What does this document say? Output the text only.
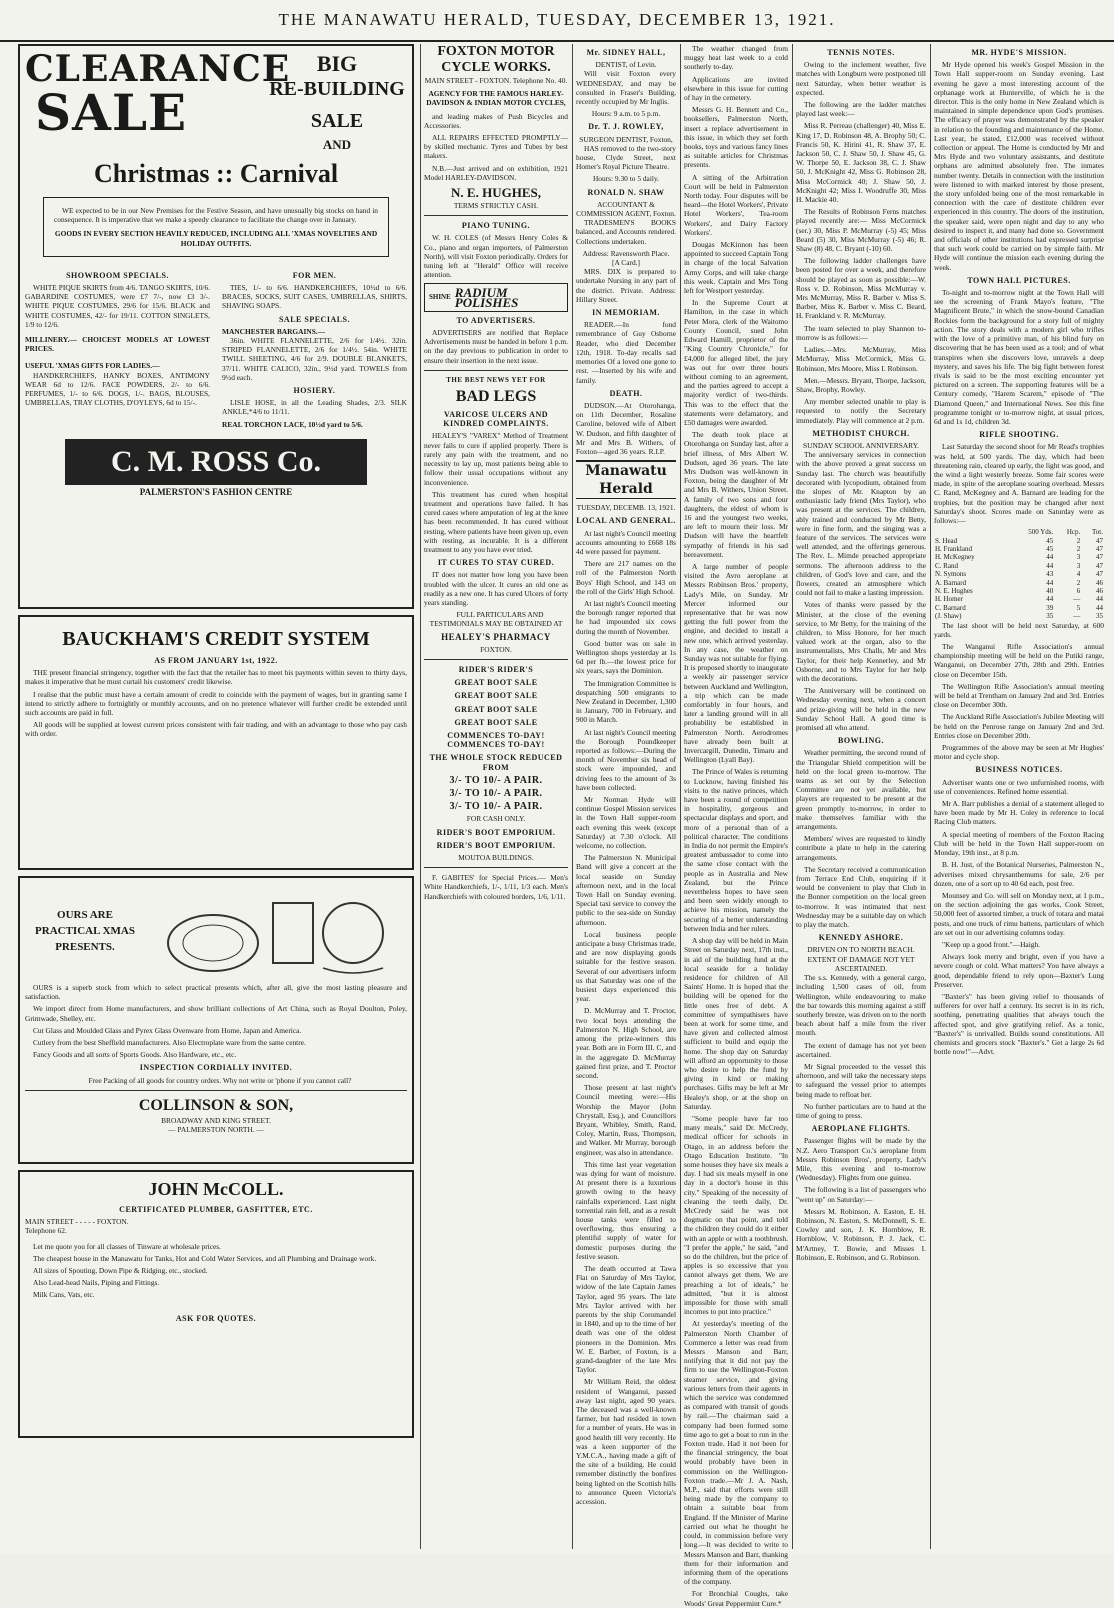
THE MANAWATU HERALD, TUESDAY, DECEMBER 13, 1921.
CLEARANCE
SALE
BIG
RE-BUILDING
SALE
AND
Christmas :: Carnival

WE expected to be in our New Premises for the Festive Season, and have unusually big stocks on hand in consequence. It is imperative that we make a speedy clearance to facilitate the change over in January.

GOODS IN EVERY SECTION HEAVILY REDUCED, INCLUDING ALL 'XMAS NOVELTIES AND HOLIDAY OUTFITS.
SHOWROOM SPECIALS.

WHITE PIQUE SKIRTS from 4/6. TANGO SKIRTS, 10/6. GABARDINE COSTUMES, were £7 7/-, now £3 3/-. WHITE PIQUE COSTUMES, 29/6 for 15/6. BLACK and WHITE COSTUMES, 42/- for 19/11. COTTON SINGLETS, 1/9 to 12/6.

MILLINERY.— CHOICEST MODELS AT LOWEST PRICES.
USEFUL 'XMAS GIFTS FOR LADIES.—

HANDKERCHIEFS, HANKY BOXES, ANTIMONY WEAR 6d to 12/6. FACE POWDERS, 2/- to 6/6. PERFUMES, 1/- to 6/6. DOGS, 1/-. BAGS, BLOUSES, UMBRELLAS, TRAY CLOTHS, D'OYLEYS, 6d to 15/-.

FOR MEN.

TIES, 1/- to 6/6. HANDKERCHIEFS, 10½d to 6/6. BRACES, SOCKS, SUIT CASES, UMBRELLAS, SHIRTS, SHAVING SOAPS.

SALE SPECIALS.
MANCHESTER BARGAINS.—

36in. WHITE FLANNELETTE, 2/6 for 1/4½. 32in. STRIPED FLANNELETTE, 2/6 for 1/4½. 54in. WHITE TWILL SHEETING, 4/6 for 2/9. DOUBLE BLANKETS, 37/11. WHITE CALICO, 32in., 9½d yard. TOWELS from 9½d each.

HOSIERY.

LISLE HOSE, in all the Leading Shades, 2/3. SILK ANKLE,*4/6 to 11/11.

REAL TORCHON LACE, 10½d yard to 5/6.
C. M. ROSS Co.
PALMERSTON'S FASHION CENTRE
BAUCKHAM'S CREDIT SYSTEM
AS FROM JANUARY 1st, 1922.

THE present financial stringency, together with the fact that the retailer has to meet his payments within seven to thirty days, makes it imperative that he must curtail his customers' credit likewise.

I realise that the public must have a certain amount of credit to coincide with the payment of wages, but in granting same I intend to strictly adhere to fortnightly or monthly accounts, and on no pretence whatever will further credit be extended until such accounts are paid in full.

All goods will be supplied at lowest current prices consistent with fair trading, and with an advantage to those who pay cash with order.

OURS ARE PRACTICAL XMAS PRESENTS.

OURS is a superb stock from which to select practical presents which, after all, give the most lasting pleasure and satisfaction.

We import direct from Home manufacturers, and show brilliant collections of Art China, such as Royal Doulton, Poley, Grimwade, Shelley, etc.

Cut Glass and Moulded Glass and Pyrex Glass Ovenware from Home, Japan and America.

Cutlery from the best Sheffield manufacturers. Also Electroplate ware from the same centre.

Fancy Goods and all sorts of Sports Goods. Also Hardware, etc., etc.

INSPECTION CORDIALLY INVITED.

Free Packing of all goods for country orders. Why not write or 'phone if you cannot call?

COLLINSON & SON,
BROADWAY AND KING STREET.
— PALMERSTON NORTH. —
JOHN McCOLL.
CERTIFICATED PLUMBER, GASFITTER, ETC.
MAIN STREET - - - - - FOXTON.
Telephone 62.

Let me quote you for all classes of Tinware at wholesale prices.

The cheapest house in the Manawatu for Tanks, Hot and Cold Water Services, and all Plumbing and Drainage work.

All sizes of Spouting, Down Pipe & Ridging, etc., stocked.

Also Lead-head Nails, Piping and Fittings.

Milk Cans, Vats, etc.

ASK FOR QUOTES.
FOXTON MOTOR CYCLE WORKS.
MAIN STREET - FOXTON. Telephone No. 40.
AGENCY FOR THE FAMOUS HARLEY-DAVIDSON & INDIAN MOTOR CYCLES,

and leading makes of Push Bicycles and Accessories.

ALL REPAIRS EFFECTED PROMPTLY— by skilled mechanic. Tyres and Tubes by best makers.

N.B.—Just arrived and on exhibition, 1921 Model HARLEY-DAVIDSON.

N. E. HUGHES,
TERMS STRICTLY CASH.
PIANO TUNING.

W. H. COLES (of Messrs Henry Coles & Co., piano and organ importers, of Palmerston North), will visit Foxton periodically. Orders for tuning left at "Herald" Office will receive attention.

SHINE RADIUM POLISHES
TO ADVERTISERS.

ADVERTISERS are notified that Replace Advertisements must be handed in before 1 p.m. on the day previous to publication in order to ensure their insertion in the next issue.

THE BEST NEWS YET FOR
BAD LEGS
VARICOSE ULCERS AND KINDRED COMPLAINTS.

HEALEY'S "VAREX" Method of Treatment never fails to cure if applied properly. There is rarely any pain with the treatment, and no necessity to lay up, most patients being able to follow their usual occupations without any inconvenience.

This treatment has cured when hospital treatment and operations have failed. It has cured cases where amputation of leg at the knee has been recommended. It has cured without resting, where patients have been given up, even with resting, as incurable. It is a different treatment to any you have ever tried.

IT CURES TO STAY CURED.

IT does not matter how long you have been troubled with the ulcer. It cures an old one as readily as a new one. It has cured Ulcers of forty years standing.

FULL PARTICULARS AND TESTIMONIALS MAY BE OBTAINED AT

HEALEY'S PHARMACY
FOXTON.
RIDER'S RIDER'S
GREAT BOOT SALE
GREAT BOOT SALE
GREAT BOOT SALE
GREAT BOOT SALE
COMMENCES TO-DAY! COMMENCES TO-DAY!
THE WHOLE STOCK REDUCED FROM
3/- TO 10/- A PAIR.
3/- TO 10/- A PAIR.
3/- TO 10/- A PAIR.
FOR CASH ONLY.
RIDER'S BOOT EMPORIUM.
RIDER'S BOOT EMPORIUM.
MOUTOA BUILDINGS.

F. GABITES' for Special Prices.— Men's White Handkerchiefs, 1/-, 1/11, 1/3 each. Men's Handkerchiefs with coloured borders, 1/6, 1/11.

Mr. SIDNEY HALL,
DENTIST, of Levin.

Will visit Foxton every WEDNESDAY, and may be consulted in Fraser's Building, recently occupied by Mr Inglis.

Hours: 9 a.m. to 5 p.m.
Dr. T. J. ROWLEY,
SURGEON DENTIST, Foxton,

HAS removed to the two-story house, Clyde Street, next Homer's Royal Picture Theatre.

Hours: 9.30 to 5 daily.
RONALD N. SHAW
ACCOUNTANT & COMMISSION AGENT, Foxton.

TRADESMEN'S BOOKS balanced, and Accounts rendered. Collections undertaken.

Address: Ravensworth Place.
[A Card.]

MRS. DIX is prepared to undertake Nursing in any part of the district. Private. Address: Hillary Street.

IN MEMORIAM.

READER.—In fond remembrance of Guy Osborne Reader, who died December 12th, 1918. To-day recalls sad memories Of a loved one gone to rest. —Inserted by his wife and family.

DEATH.

DUDSON.—At Otorohanga, on 11th December, Rosaline Caroline, beloved wife of Albert W. Dudson, and fifth daughter of Mr and Mrs B. Withers, of Foxton—aged 36 years. R.I.P.

Manawatu Herald
TUESDAY, DECEMB. 13, 1921.
LOCAL AND GENERAL.

At last night's Council meeting accounts amounting to £668 18s 4d were passed for payment.

There are 217 names on the roll of the Palmerston North Boys' High School, and 143 on the roll of the Girls' High School.

At last night's Council meeting the borough ranger reported that he had impounded six cows during the month of November.

Good butter was on sale in Wellington shops yesterday at 1s 6d per lb.—the lowest price for six years, says the Dominion.

The Immigration Committee is despatching 500 emigrants to New Zealand in December, 1,300 in January, 700 in February, and 900 in March.

At last night's Council meeting the Borough Poundkeeper reported as follows:—During the month of November six head of stock were impounded, and driving fees to the amount of 3s have been collected.

Mr Norman Hyde will continue Gospel Mission services in the Town Hall supper-room each evening this week (except Saturday) at 7.30 o'clock. All welcome, no collection.

The Palmerston N. Municipal Band will give a concert at the local seaside on Sunday afternoon next, and in the local Town Hall on Sunday evening. Special taxi service to convey the public to the sea-side on Sunday afternoon.

Local business people anticipate a busy Christmas trade, and are now displaying goods suitable for the festive season. Several of our advertisers inform us that Saturday was one of the busiest days experienced this year.

D. McMurray and T. Proctor, two local boys attending the Palmerston N. High School, are among the prize-winners this year. Both are in Form III. C, and in the aggregate D. McMurray gained first prize, and T. Proctor second.

Those present at last night's Council meeting were:—His Worship the Mayor (John Chrystall, Esq.), and Councillors Bryant, Whibley, Smith, Rand, Coley, Martin, Russ, Thompson, and Walker. Mr Murray, borough engineer, was also in attendance.

This time last year vegetation was dying for want of moisture. At present there is a luxurious growth owing to the heavy rainfalls experienced. Last night torrential rain fell, and as a result house tanks were filled to overflowing, thus ensuring a plentiful supply of water for domestic purposes during the festive season.

The death occurred at Tawa Flat on Saturday of Mrs Taylor, widow of the late Captain James Taylor, aged 95 years. The late Mrs Taylor arrived with her parents by the ship Coromandel in 1840, and up to the time of her death was one of the oldest pioneers in the Dominion. Mrs W. E. Barber, of Foxton, is a grand-daughter of the late Mrs Taylor.

Mr William Reid, the oldest resident of Wanganui, passed away last night, aged 90 years. The deceased was a well-known farmer, but had resided in town for a number of years. He was in good health till very recently. He was a keen supporter of the Y.M.C.A., having made a gift of the site of a building. He could remember distinctly the bonfires being lighted on the Scottish hills to announce Queen Victoria's accession.

The weather changed from muggy heat last week to a cold southerly to-day.

Applications are invited elsewhere in this issue for cutting of hay in the cemetery.

Messrs G. H. Bennett and Co., booksellers, Palmerston North, insert a replace advertisement in this issue, in which they set forth books, toys and various fancy lines as suitable articles for Christmas presents.

A sitting of the Arbitration Court will be held in Palmerston North today. Four disputes will be heard—the Hotel Workers', Private Hotel Workers', Tea-room Workers', and Dairy Factory Workers'.

Dougas McKinnon has been appointed to succeed Captain Tong in charge of the local Salvation Army Corps, and will take charge this week. Captain and Mrs Tong left for Westport yesterday.

In the Supreme Court at Hamilton, in the case in which Peter Mora, clerk of the Waitomo County Council, sued John Edward Hamill, proprietor of the "King Country Chronicle," for £4,000 for alleged libel, the jury was out for over three hours without coming to an agreement, and the parties agreed to accept a majority verdict of two-thirds. This was to the effect that the statements were defamatory, and £50 damages were awarded.

The death took place at Otorohanga on Sunday last, after a brief illness, of Mrs Albert W. Dudson, aged 36 years. The late Mrs Dudson was well-known in Foxton, being the daughter of Mr and Mrs B. Withers, Union Street. A family of two sons and four daughters, the eldest of whom is 16 and the youngest two weeks, are left to mourn their loss. Mr Dudson will have the heartfelt sympathy of friends in his sad bereavement.

A large number of people visited the Avro aeroplane at Messrs Robinson Bros.' property, Lady's Mile, on Sunday. Mr Mercer informed our representative that he was now getting the full power from the engine, and decided to install a new one, which arrived yesterday. In any case, the weather on Sunday was not suitable for flying. It is proposed shortly to inaugurate a weekly air passenger service between Auckland and Wellington, a trip which can be made comfortably in four hours, and later a landing ground will in all probability be established in Palmerston North. Aerodromes have already been built at Invercargill, Dunedin, Timaru and Wellington (Lyall Bay).

The Prince of Wales is returning to Lucknow, having finished his visits to the native princes, which have been a round of competition in hospitality, gorgeous and spectacular displays and sport, and more of a personal than of a political character. The conditions in India do not permit the Empire's greatest ambassador to come into the same close contact with the people as in Australia and New Zealand, but the Prince nevertheless hopes to have seen and been seen widely enough to achieve his mission, namely the securing of a better understanding between India and her rulers.

A shop day will be held in Main Street on Saturday next, 17th inst., in aid of the building fund at the local seaside for a holiday residence for children of All Saints' Home. It is hoped that the building will be opened for the little ones free of debt. A committee of sympathisers have been at work for some time, and have given and collected almost sufficient to build and equip the home. The shop day on Saturday will afford an opportunity to those who desire to help the fund by giving in kind or making purchases. Gifts may be left at Mr Healey's shop, or at the shop on Saturday.

"Some people have far too many meals," said Dr. McCredy, medical officer for schools in Otago, in an address before the Otago Education Institute. "In some houses they have six meals a day. I had six meals myself in one day in a doctor's house in this city." Speaking of the necessity of cleaning the teeth daily, Dr. McCredy said he was not dogmatic on that point, and told the children they could do it either with an apple or with a toothbrush. "I prefer the apple," he said, "and so do the children, but the price of apples is so excessive that you cannot always get them. We are preaching a lot of ideals," he admitted, "but it is almost impossible for those with small incomes to put into practice."

At yesterday's meeting of the Palmerston North Chamber of Commerce a letter was read from Messrs Manson and Barr, notifying that it did not pay the firm to use the Wellington-Foxton steamer service, and giving various letters from their agents in which the service was condemned as compared with transit of goods by rail.—The chairman said a company had been formed some time ago to get a boat to run in the Foxton trade. Had it not been for the financial stringency, the boat would probably have been in commission on the Wellington-Foxton trade.—Mr J. A. Nash, M.P., said that efforts were still being made by the company to obtain a suitable boat from England. If the Minister of Marine carried out what he thought he could, in commission before very long.—It was decided to write to Messrs Manson and Barr, thanking them for their information and informing them of the operations of the company.

For Bronchial Coughs, take Woods' Great Peppermint Cure.*

TENNIS NOTES.

Owing to the inclement weather, five matches with Longburn were postponed till next Saturday, when better weather is expected.

The following are the ladder matches played last week:—

Miss R. Perreau (challenger) 40, Miss E. King 17, D. Robinson 48, A. Brophy 50; C. Francis 50, K. Hirini 41, R. Shaw 37, E. Jackson 50, C. J. Shaw 50, J. Shaw 45, G. W. Thorpe 50, E. Jackson 38, C. J. Shaw 50, J. McKnight 42, Miss G. Robinson 28, Miss McCormick 40; J. Shaw 50, J. McKnight 42; Miss I. Woodruffe 30, Miss H. Mackie 40.

The Results of Robinson Ferns matches played recently are:— Miss McCormick (ser.) 30, Miss P. McMurray (-5) 45; Miss Beard (5) 30, Miss McMurray (-5) 46; R. Shaw (8) 48, C. Bryant (-10) 60.

The following ladder challenges have been posted for over a week, and therefore should be played as soon as possible:—W. Ross v. D. Robinson, Miss McMurray v. Mrs McMurray, Miss R. Barber v. Miss S. Barber, Miss K. Barber v. Miss C. Beard, H. Frankland v. R. McMurray.

The team selected to play Shannon to-morrow is as follows:—

Ladies.—Mrs. McMurray, Miss McMurray, Miss McCormick, Miss G. Robinson, Mrs Moore, Miss I. Robinson.

Men.—Messrs. Bryant, Thorpe, Jackson, Shaw, Brophy, Rowley.

Any member selected unable to play is requested to notify the Secretary immediately. Play will commence at 2 p.m.

METHODIST CHURCH.
SUNDAY SCHOOL ANNIVERSARY.

The anniversary services in connection with the above proved a great success on Sunday last. The church was beautifully decorated with lycopodium, obtained from the slopes of Mr. Knapton by an enthusiastic lady friend (Mrs Taylor), who was present at the services. The children, ably trained and conducted by Mr Betty, were in fine form, and the singing was a feature of the services. The services were well attended, and the offerings generous. The Rev. L. Mimde preached appropriate sermons. The afternoon address to the children, of God's love and care, and the flowers, created an atmosphere which could not fail to make a lasting impression.

Votes of thanks were passed by the Minister, at the close of the evening service, to Mr Betty, for the training of the children, to Miss Honore, for her much valued work at the organ, also to the instrumentalists, Mrs Challs, Mr and Mrs Taylor, for their help Kennerley, and Mr Osborne, and to Mrs Taylor for her help with the decorations.

The Anniversary will be continued on Wednesday evening next, when a concert and prize-giving will be held in the new Sunday School Hall. A good time is promised all who attend.

BOWLING.

Weather permitting, the second round of the Triangular Shield competition will be held on the local green to-morrow. The teams as set out by the Selection Committee are not yet available, but players are requested to be present at the green promptly to-morrow, in order to make themselves familiar with the arrangements.

Members' wives are requested to kindly contribute a plate to help in the catering arrangements.

The Secretary received a communication from Terrace End Club, enquiring if it would be convenient to play that Club in the Bonner competition on the local green to-morrow. It was intimated that next Wednesday may be a suitable day on which to play the match.

KENNEDY ASHORE.
DRIVEN ON TO NORTH BEACH.
EXTENT OF DAMAGE NOT YET ASCERTAINED.

The s.s. Kennedy, with a general cargo, including 1,500 cases of oil, from Wellington, while endeavouring to make the bar towards this morning against a stiff southerly breeze, was driven on to the north beach about half a mile from the river mouth.

The extent of damage has not yet been ascertained.

Mr Signal proceeded to the vessel this afternoon, and will take the necessary steps to safeguard the vessel prior to attempts being made to refloat her.

No further particulars are to hand at the time of going to press.

AEROPLANE FLIGHTS.

Passenger flights will be made by the N.Z. Aero Transport Co.'s aeroplane from Messrs Robinson Bros', property, Lady's Mile, this evening and to-morrow (Wednesday). Flights from one guinea.

The following is a list of passengers who "went up" on Saturday:—

Messrs M. Robinson, A. Easton, E. H. Robinson, N. Easton, S. McDonnell, S. E. Cowley and son, J. K. Hornblow, R. Hornblow, V. Robinson, P. J. Jack, C. M'Artney, T. Bowie, and Misses I. Robinson, E. Robinson, and G. Robinson.

MR. HYDE'S MISSION.

Mr Hyde opened his week's Gospel Mission in the Town Hall supper-room on Sunday evening. Last evening he gave a most interesting account of the orphanage work at Hunterville, of which he is the director. This is the only home in New Zealand which is maintained in simple dependence upon God's promises. The efficacy of prayer was demonstrated by the speaker in relation to the founding and maintenance of the Home. Last year, he stated, £12,000 was received without collection or appeal. The Home is conducted by Mr and Mrs Hyde and two voluntary assistants, and destitute orphans are admitted absolutely free. The inmates number twenty. Details in connection with the institution were listened to with marked interest by those present, the story unfolded being one of the most remarkable in connection with the care of destitute children ever experienced in this country. The doors of the institution, the speaker said, were open night and day to any who desired to inspect it, and many had done so. Government and officials of other institutions had expressed surprise that such work could be carried on by simple faith. Mr Hyde will continue the mission each evening during the week.

TOWN HALL PICTURES.

To-night and to-morrow night at the Town Hall will see the screening of Frank Mayo's feature, "The Magnificent Brute," in which the snow-bound Canadian Rockies form the background for a story full of mighty action. The story deals with a modern girl who trifles with the love of a primitive man, of his blind fury on discovering that he has been used as a tool; and of what transpires when she discovers love, unravels a deep mystery, and saves his life. The big fight between forest rivals is said to be the most exciting encounter yet pictured on a screen. The supporting features will be a Century comedy, "Harem Scarem," episode of "The Diamond Queen," and International News. See this fine programme tonight or to-morrow night, at usual prices, 6d and 1s 1d, children 3d.

RIFLE SHOOTING.

Last Saturday the second shoot for Mr Read's trophies was held, at 500 yards. The day, which had been threatening rain, cleared up early, the light was good, and the wind a light westerly breeze. Some fair scores were made, in spite of the aeroplane soaring overhead. Messrs C. Rand, McKegney and A. Barnard are leading for the trophies, but the position may be changed after next Saturday's shoot. Scores made on Saturday were as follows:—

	500 Yds.	Hcp.	Tot.
S. Head	45	2	47
H. Frankland	45	2	47
H. McKegney	44	3	47
C. Rand	44	3	47
N. Symons	43	4	47
A. Barnard	44	2	46
N. E. Hughes	40	6	46
H. Homer	44	—	44
C. Barnard	39	5	44
(J. Shaw)	35	—	35

The last shoot will be held next Saturday, at 600 yards.

The Wanganui Rifle Association's annual championship meeting will be held on the Putiki range, Wanganui, on December 27th, 28th and 29th. Entries close on December 15th.

The Wellington Rifle Association's annual meeting will be held at Trentham on January 2nd and 3rd. Entries close on December 30th.

The Auckland Rifle Association's Jubilee Meeting will be held on the Penrose range on January 2nd and 3rd. Entries close on December 20th.

Programmes of the above may be seen at Mr Hughes' motor and cycle shop.

BUSINESS NOTICES.

Advertiser wants one or two unfurnished rooms, with use of conveniences. Refined home essential.

Mr A. Barr publishes a denial of a statement alleged to have been made by Mr H. Coley in reference to local Racing Club matters.

A special meeting of members of the Foxton Racing Club will be held in the Town Hall supper-room on Monday, 19th inst., at 8 p.m.

B. H. Just, of the Botanical Nurseries, Palmerston N., advertises mixed chrysanthemums for sale, 2/6 per dozen, one of a sort up to 40 6d each, post free.

Mounsey and Co. will sell on Monday next, at 1 p.m., on the section adjoining the gas works, Cook Street, 50,000 feet of assorted timber, a truck of totara and matai posts, and one truck of rimu battens, particulars of which are set out in our advertising columns today.

"Keep up a good front."—Haigh.

Always look merry and bright, even if you have a severe cough or cold. What matters? You have always a good, dependable friend to rely upon—Baxter's Lung Preserver.

"Baxter's" has been giving relief to thousands of sufferers for over half a century. Its secret is in its rich, soothing, penetrating qualities that always touch the affected spot, and give gratifying relief. As a tonic, "Baxter's" is unrivalled. Builds sound constitutions. All chemists and grocers stock "Baxter's." Get a large 2s 6d bottle now!"—Advt.
